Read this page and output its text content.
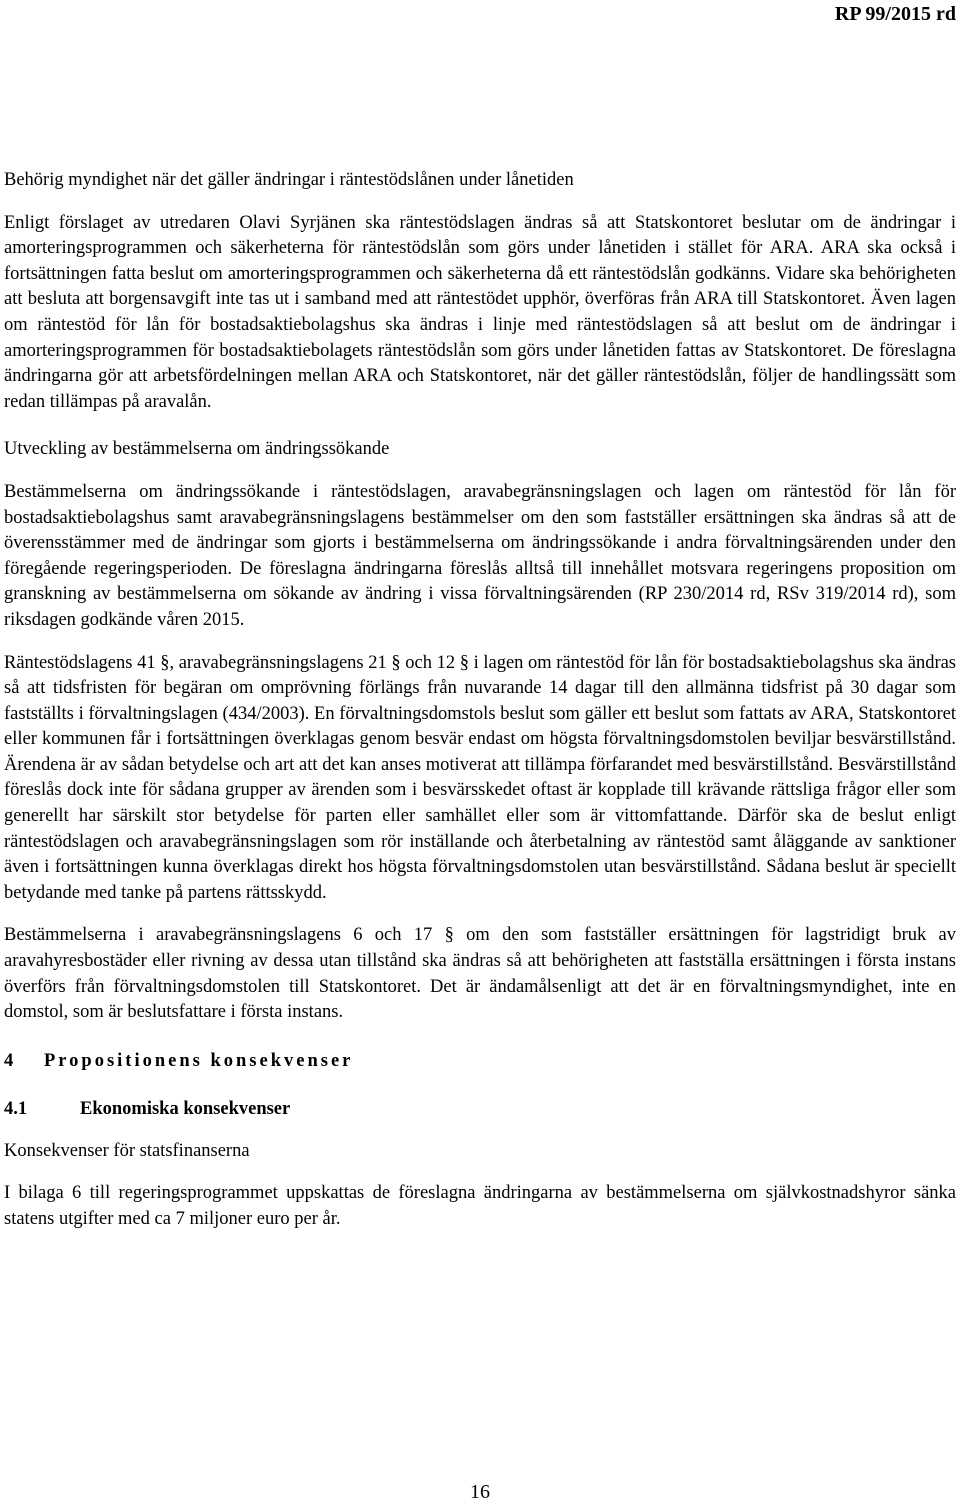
RP 99/2015 rd
Behörig myndighet när det gäller ändringar i räntestödslånen under lånetiden

Enligt förslaget av utredaren Olavi Syrjänen ska räntestödslagen ändras så att Statskontoret beslutar om de ändringar i amorteringsprogrammen och säkerheterna för räntestödslån som görs under lånetiden i stället för ARA. ARA ska också i fortsättningen fatta beslut om amorteringsprogrammen och säkerheterna då ett räntestödslån godkänns. Vidare ska behörigheten att besluta att borgensavgift inte tas ut i samband med att räntestödet upphör, överföras från ARA till Statskontoret. Även lagen om räntestöd för lån för bostadsaktiebolagshus ska ändras i linje med räntestödslagen så att beslut om de ändringar i amorteringsprogrammen för bostadsaktiebolagets räntestödslån som görs under lånetiden fattas av Statskontoret. De föreslagna ändringarna gör att arbetsfördelningen mellan ARA och Statskontoret, när det gäller räntestödslån, följer de handlingssätt som redan tillämpas på aravalån.

Utveckling av bestämmelserna om ändringssökande

Bestämmelserna om ändringssökande i räntestödslagen, aravabegränsningslagen och lagen om räntestöd för lån för bostadsaktiebolagshus samt aravabegränsningslagens bestämmelser om den som fastställer ersättningen ska ändras så att de överensstämmer med de ändringar som gjorts i bestämmelserna om ändringssökande i andra förvaltningsärenden under den föregående regeringsperioden. De föreslagna ändringarna föreslås alltså till innehållet motsvara regeringens proposition om granskning av bestämmelserna om sökande av ändring i vissa förvaltningsärenden (RP 230/2014 rd, RSv 319/2014 rd), som riksdagen godkände våren 2015.

Räntestödslagens 41 §, aravabegränsningslagens 21 § och 12 § i lagen om räntestöd för lån för bostadsaktiebolagshus ska ändras så att tidsfristen för begäran om omprövning förlängs från nuvarande 14 dagar till den allmänna tidsfrist på 30 dagar som fastställts i förvaltningslagen (434/2003). En förvaltningsdomstols beslut som gäller ett beslut som fattats av ARA, Statskontoret eller kommunen får i fortsättningen överklagas genom besvär endast om högsta förvaltningsdomstolen beviljar besvärstillstånd. Ärendena är av sådan betydelse och art att det kan anses motiverat att tillämpa förfarandet med besvärstillstånd. Besvärstillstånd föreslås dock inte för sådana grupper av ärenden som i besvärsskedet oftast är kopplade till krävande rättsliga frågor eller som generellt har särskilt stor betydelse för parten eller samhället eller som är vittomfattande. Därför ska de beslut enligt räntestödslagen och aravabegränsningslagen som rör inställande och återbetalning av räntestöd samt åläggande av sanktioner även i fortsättningen kunna överklagas direkt hos högsta förvaltningsdomstolen utan besvärstillstånd. Sådana beslut är speciellt betydande med tanke på partens rättsskydd.

Bestämmelserna i aravabegränsningslagens 6 och 17 § om den som fastställer ersättningen för lagstridigt bruk av aravahyresbostäder eller rivning av dessa utan tillstånd ska ändras så att behörigheten att fastställa ersättningen i första instans överförs från förvaltningsdomstolen till Statskontoret. Det är ändamålsenligt att det är en förvaltningsmyndighet, inte en domstol, som är beslutsfattare i första instans.

4	Propositionens konsekvenser
4.1	Ekonomiska konsekvenser
Konsekvenser för statsfinanserna

I bilaga 6 till regeringsprogrammet uppskattas de föreslagna ändringarna av bestämmelserna om självkostnadshyror sänka statens utgifter med ca 7 miljoner euro per år.

16
